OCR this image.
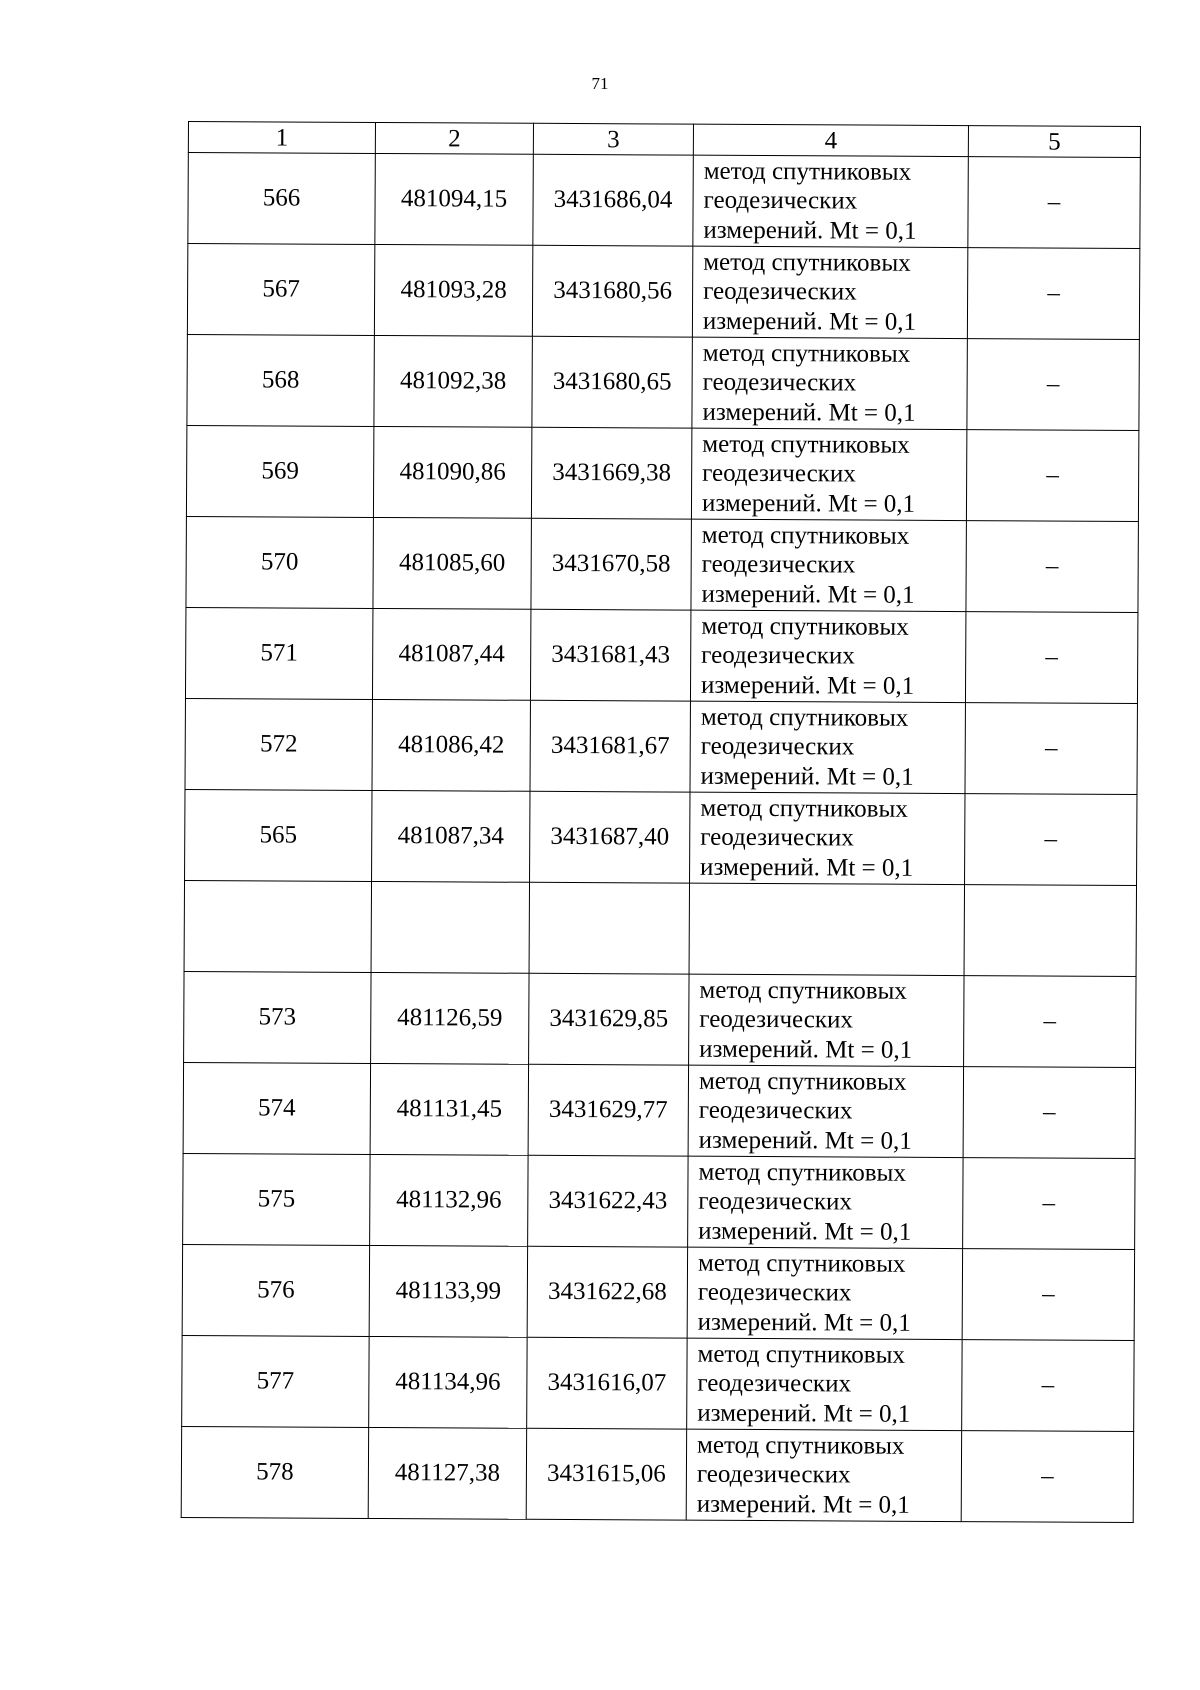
71
1	2	3	4	5
566	481094,15	3431686,04	метод спутниковых
геодезических
измерений. Mt = 0,1	–
567	481093,28	3431680,56	метод спутниковых
геодезических
измерений. Mt = 0,1	–
568	481092,38	3431680,65	метод спутниковых
геодезических
измерений. Mt = 0,1	–
569	481090,86	3431669,38	метод спутниковых
геодезических
измерений. Mt = 0,1	–
570	481085,60	3431670,58	метод спутниковых
геодезических
измерений. Mt = 0,1	–
571	481087,44	3431681,43	метод спутниковых
геодезических
измерений. Mt = 0,1	–
572	481086,42	3431681,67	метод спутниковых
геодезических
измерений. Mt = 0,1	–
565	481087,34	3431687,40	метод спутниковых
геодезических
измерений. Mt = 0,1	–

573	481126,59	3431629,85	метод спутниковых
геодезических
измерений. Mt = 0,1	–
574	481131,45	3431629,77	метод спутниковых
геодезических
измерений. Mt = 0,1	–
575	481132,96	3431622,43	метод спутниковых
геодезических
измерений. Mt = 0,1	–
576	481133,99	3431622,68	метод спутниковых
геодезических
измерений. Mt = 0,1	–
577	481134,96	3431616,07	метод спутниковых
геодезических
измерений. Mt = 0,1	–
578	481127,38	3431615,06	метод спутниковых
геодезических
измерений. Mt = 0,1	–
